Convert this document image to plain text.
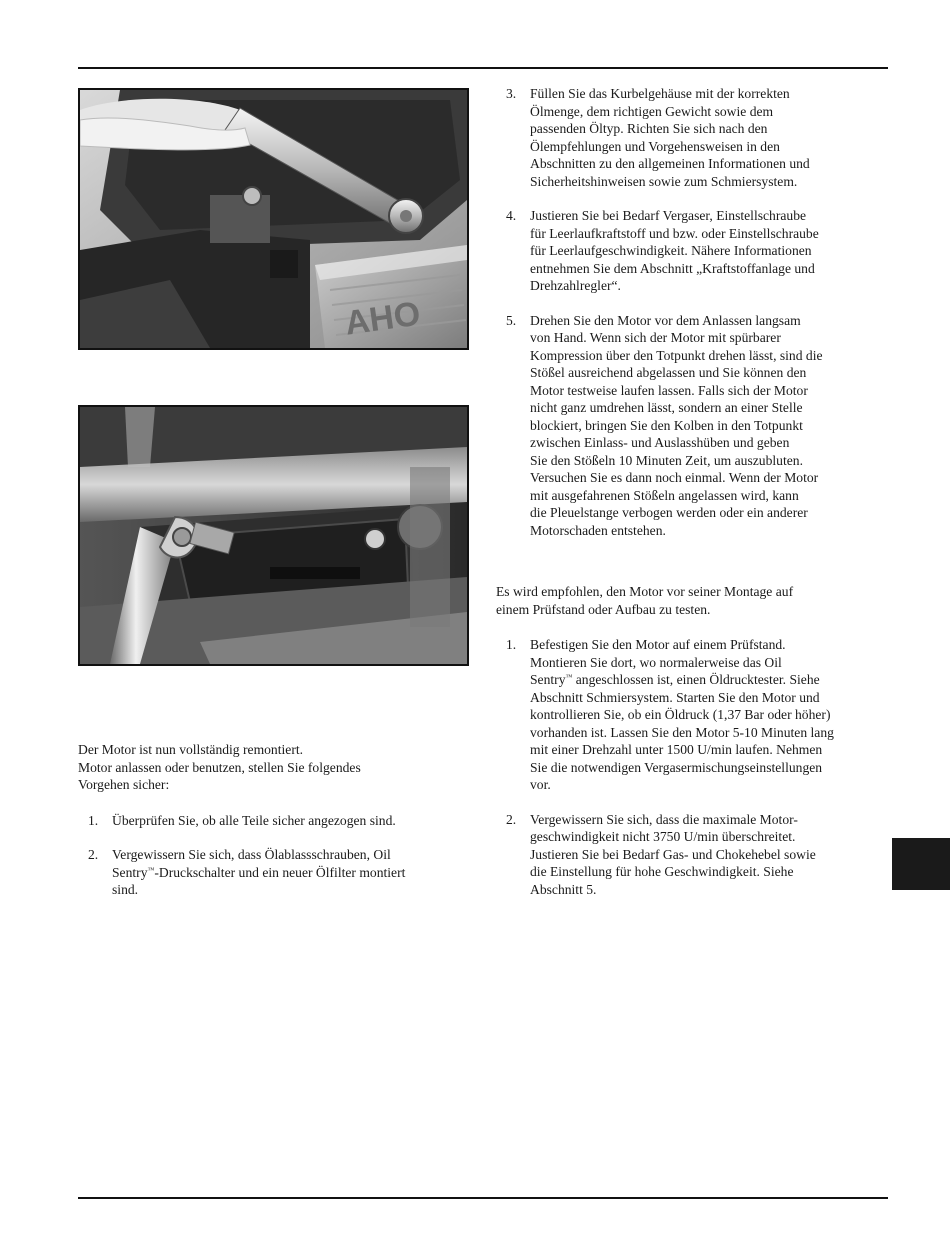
AHO

Der Motor ist nun vollständig remontiert.
Motor anlassen oder benutzen, stellen Sie folgendes
Vorgehen sicher:

1. Überprüfen Sie, ob alle Teile sicher angezogen sind.
2. Vergewissern Sie sich, dass Ölablassschrauben, Oil
Sentry™-Druckschalter und ein neuer Ölfilter montiert
sind.
3. Füllen Sie das Kurbelgehäuse mit der korrekten
Ölmenge, dem richtigen Gewicht sowie dem
passenden Öltyp. Richten Sie sich nach den
Ölempfehlungen und Vorgehensweisen in den
Abschnitten zu den allgemeinen Informationen und
Sicherheitshinweisen sowie zum Schmiersystem.
4. Justieren Sie bei Bedarf Vergaser, Einstellschraube
für Leerlaufkraftstoff und bzw. oder Einstellschraube
für Leerlaufgeschwindigkeit. Nähere Informationen
entnehmen Sie dem Abschnitt „Kraftstoffanlage und
Drehzahlregler“.
5. Drehen Sie den Motor vor dem Anlassen langsam
von Hand. Wenn sich der Motor mit spürbarer
Kompression über den Totpunkt drehen lässt, sind die
Stößel ausreichend abgelassen und Sie können den
Motor testweise laufen lassen. Falls sich der Motor
nicht ganz umdrehen lässt, sondern an einer Stelle
blockiert, bringen Sie den Kolben in den Totpunkt
zwischen Einlass- und Auslasshüben und geben
Sie den Stößeln 10 Minuten Zeit, um auszubluten.
Versuchen Sie es dann noch einmal. Wenn der Motor
mit ausgefahrenen Stößeln angelassen wird, kann
die Pleuelstange verbogen werden oder ein anderer
Motorschaden entstehen.

Es wird empfohlen, den Motor vor seiner Montage auf
einem Prüfstand oder Aufbau zu testen.

1. Befestigen Sie den Motor auf einem Prüfstand.
Montieren Sie dort, wo normalerweise das Oil
Sentry™ angeschlossen ist, einen Öldrucktester. Siehe
Abschnitt Schmiersystem. Starten Sie den Motor und
kontrollieren Sie, ob ein Öldruck (1,37 Bar oder höher)
vorhanden ist. Lassen Sie den Motor 5-10 Minuten lang
mit einer Drehzahl unter 1500 U/min laufen. Nehmen
Sie die notwendigen Vergasermischungseinstellungen
vor.
2. Vergewissern Sie sich, dass die maximale Motor-
geschwindigkeit nicht 3750 U/min überschreitet.
Justieren Sie bei Bedarf Gas- und Chokehebel sowie
die Einstellung für hohe Geschwindigkeit. Siehe
Abschnitt 5.
